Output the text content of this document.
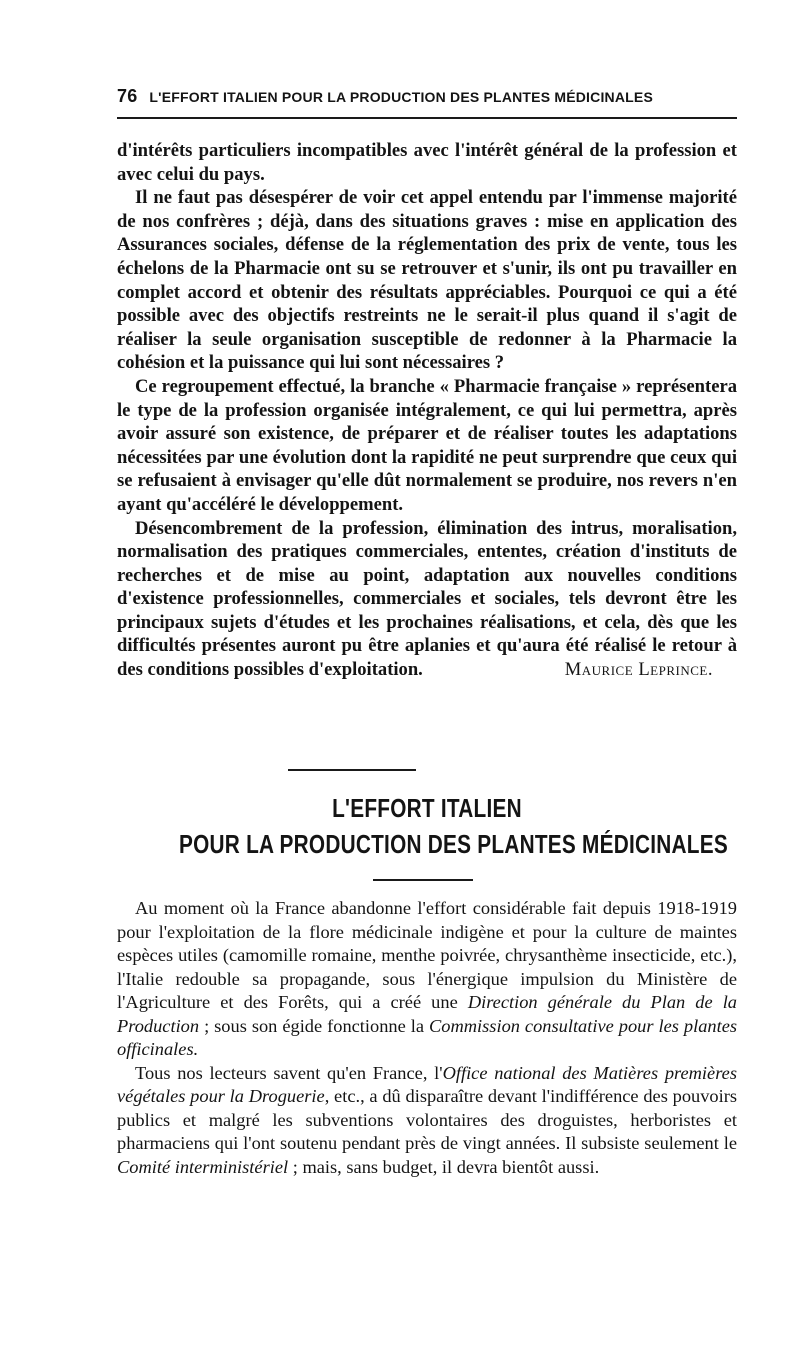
76 L'EFFORT ITALIEN POUR LA PRODUCTION DES PLANTES MÉDICINALES

d'intérêts particuliers incompatibles avec l'intérêt général de la profession et avec celui du pays.

Il ne faut pas désespérer de voir cet appel entendu par l'immense majorité de nos confrères ; déjà, dans des situations graves : mise en application des Assurances sociales, défense de la réglementation des prix de vente, tous les échelons de la Pharmacie ont su se retrouver et s'unir, ils ont pu travailler en complet accord et obtenir des résultats appréciables. Pourquoi ce qui a été possible avec des objectifs restreints ne le serait-il plus quand il s'agit de réaliser la seule organisation susceptible de redonner à la Pharmacie la cohésion et la puissance qui lui sont nécessaires ?

Ce regroupement effectué, la branche « Pharmacie française » représentera le type de la profession organisée intégralement, ce qui lui permettra, après avoir assuré son existence, de préparer et de réaliser toutes les adaptations nécessitées par une évolution dont la rapidité ne peut surprendre que ceux qui se refusaient à envisager qu'elle dût normalement se produire, nos revers n'en ayant qu'accéléré le développement.

Désencombrement de la profession, élimination des intrus, moralisation, normalisation des pratiques commerciales, ententes, création d'instituts de recherches et de mise au point, adaptation aux nouvelles conditions d'existence professionnelles, commerciales et sociales, tels devront être les principaux sujets d'études et les prochaines réalisations, et cela, dès que les difficultés présentes auront pu être aplanies et qu'aura été réalisé le retour à des conditions possibles d'exploitation.	Maurice Leprince.

L'EFFORT ITALIEN
POUR LA PRODUCTION DES PLANTES MÉDICINALES

Au moment où la France abandonne l'effort considérable fait depuis 1918-1919 pour l'exploitation de la flore médicinale indigène et pour la culture de maintes espèces utiles (camomille romaine, menthe poivrée, chrysanthème insecticide, etc.), l'Italie redouble sa propagande, sous l'énergique impulsion du Ministère de l'Agriculture et des Forêts, qui a créé une Direction générale du Plan de la Production ; sous son égide fonctionne la Commission consultative pour les plantes officinales.

Tous nos lecteurs savent qu'en France, l'Office national des Matières premières végétales pour la Droguerie, etc., a dû disparaître devant l'indifférence des pouvoirs publics et malgré les subventions volontaires des droguistes, herboristes et pharmaciens qui l'ont soutenu pendant près de vingt années. Il subsiste seulement le Comité interministériel ; mais, sans budget, il devra bientôt aussi.
